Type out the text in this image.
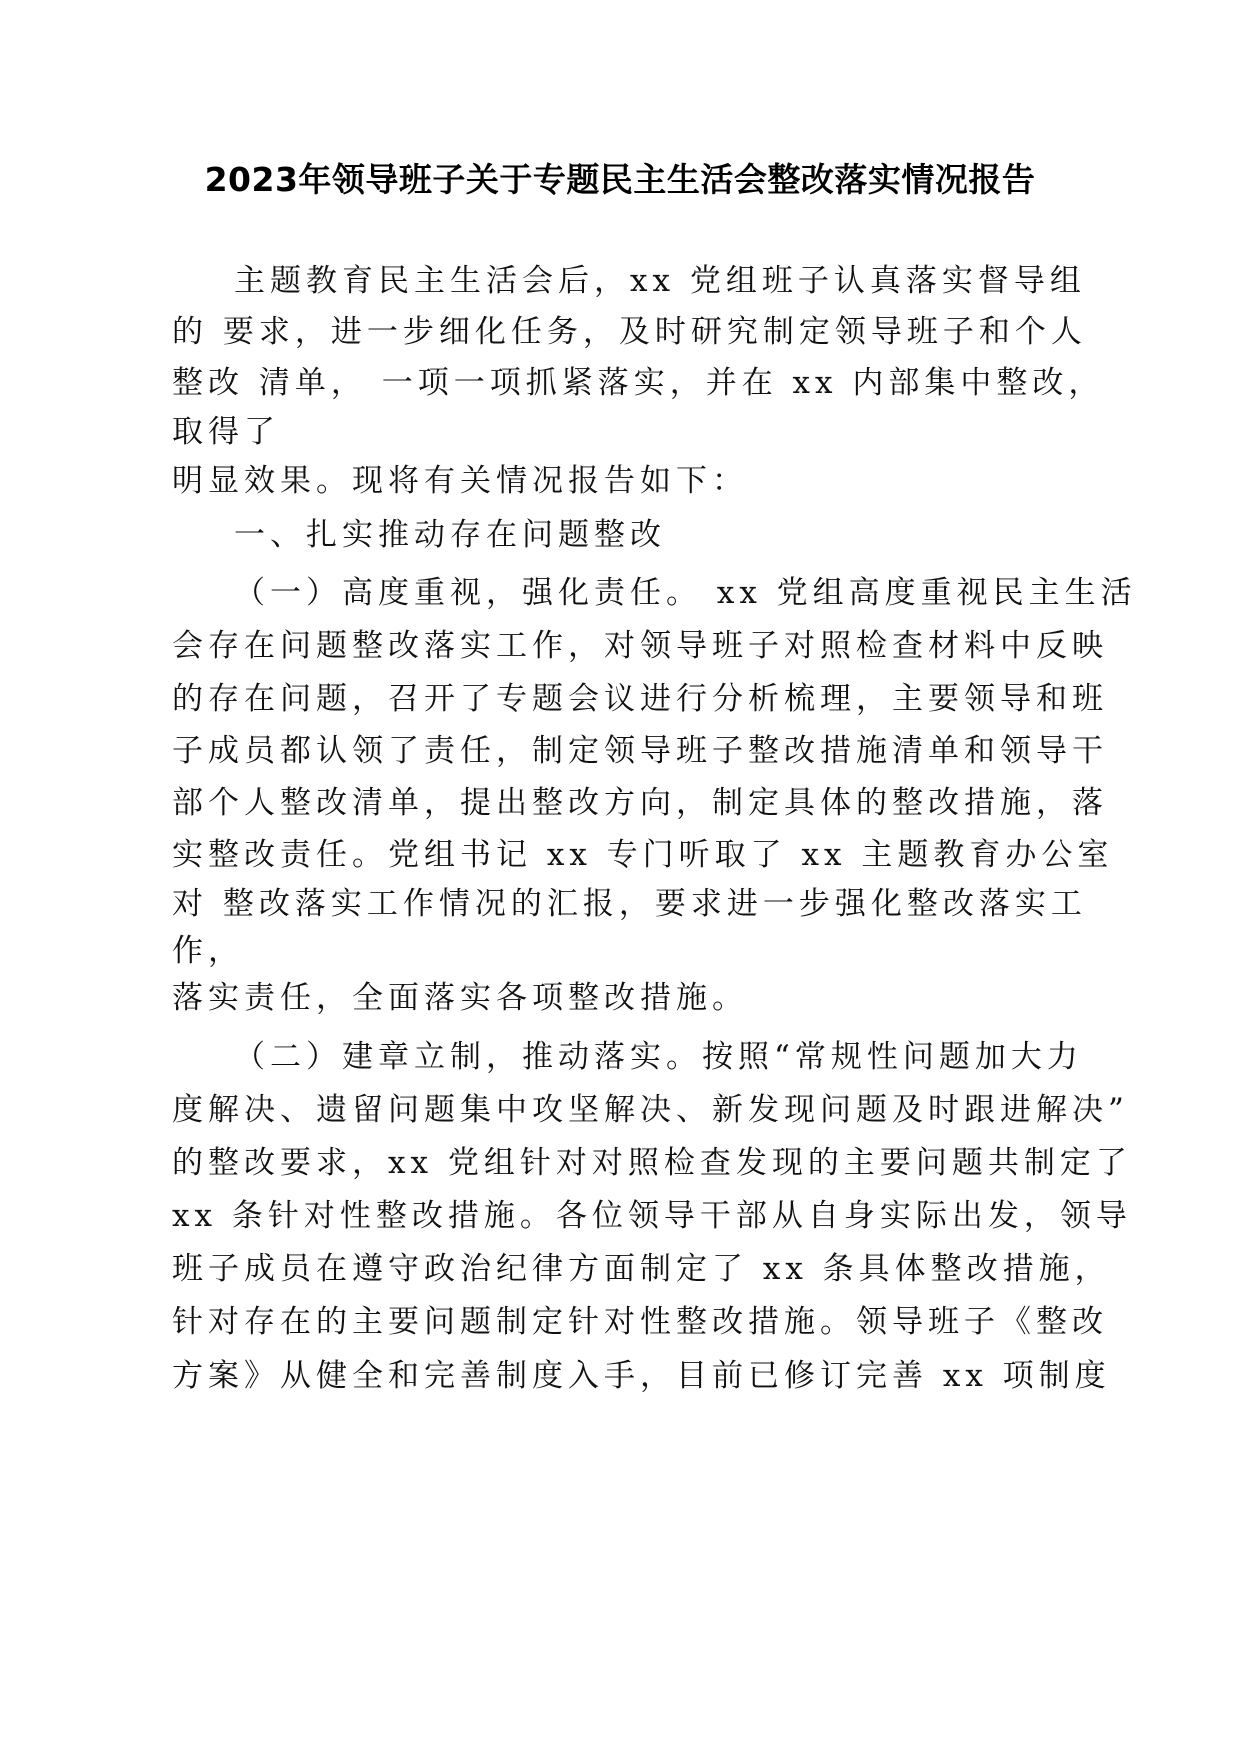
2023年领导班子关于专题民主生活会整改落实情况报告
主题教育民主生活会后，xx 党组班子认真落实督导组
的 要求，进一步细化任务，及时研究制定领导班子和个人
整改 清单， 一项一项抓紧落实，并在 xx 内部集中整改，
取得了
明显效果。现将有关情况报告如下：
一、扎实推动存在问题整改
（一）高度重视，强化责任。 xx 党组高度重视民主生活
会存在问题整改落实工作，对领导班子对照检查材料中反映
的存在问题，召开了专题会议进行分析梳理，主要领导和班
子成员都认领了责任，制定领导班子整改措施清单和领导干
部个人整改清单，提出整改方向，制定具体的整改措施，落
实整改责任。党组书记 xx 专门听取了 xx 主题教育办公室
对 整改落实工作情况的汇报，要求进一步强化整改落实工
作，
落实责任，全面落实各项整改措施。
（二）建章立制，推动落实。按照“常规性问题加大力
度解决、遗留问题集中攻坚解决、新发现问题及时跟进解决”
的整改要求，xx 党组针对对照检查发现的主要问题共制定了
xx 条针对性整改措施。各位领导干部从自身实际出发，领导
班子成员在遵守政治纪律方面制定了 xx 条具体整改措施，
针对存在的主要问题制定针对性整改措施。领导班子《整改
方案》从健全和完善制度入手，目前已修订完善 xx 项制度
